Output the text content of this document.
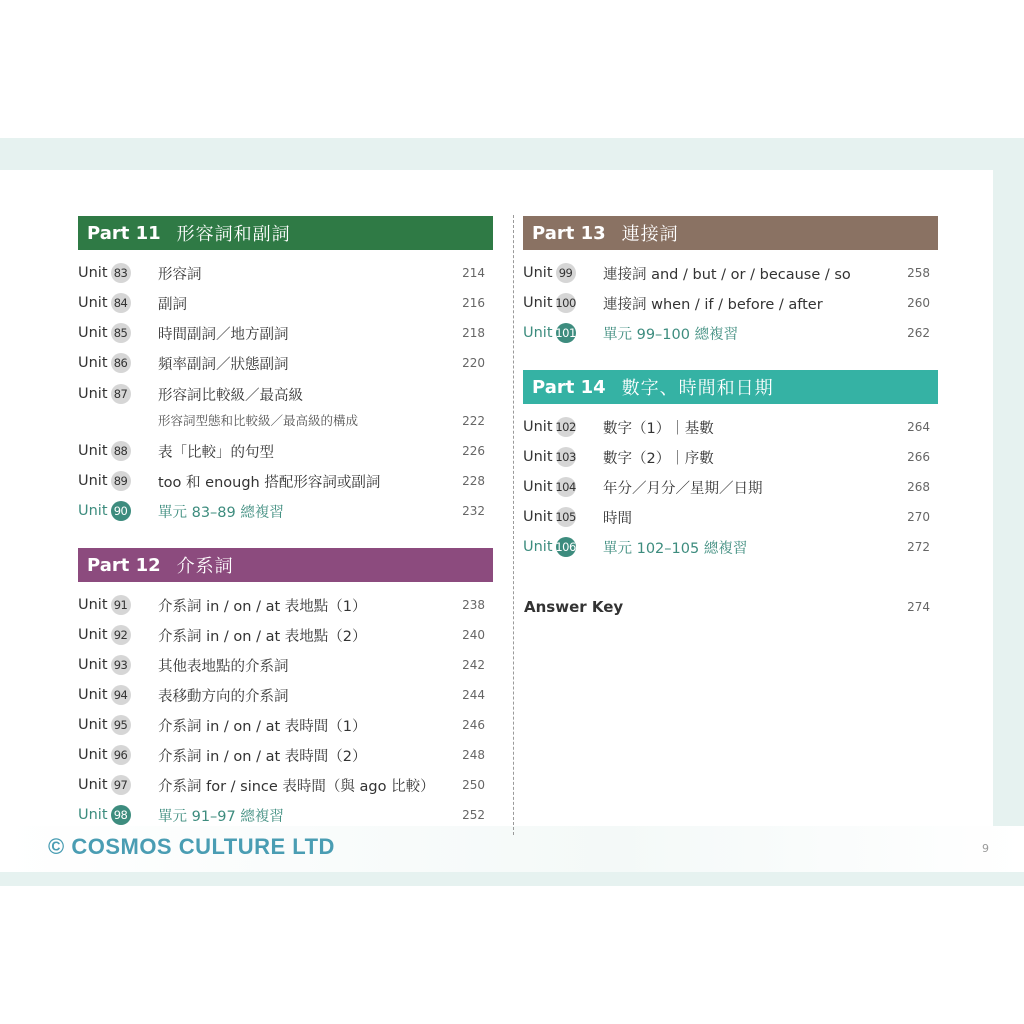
Part 11 形容詞和副詞
Unit 83 形容詞	214
Unit 84 副詞	216
Unit 85 時間副詞／地方副詞	218
Unit 86 頻率副詞／狀態副詞	220
Unit 87 形容詞比較級／最高級
形容詞型態和比較級／最高級的構成	222
Unit 88 表「比較」的句型	226
Unit 89 too 和 enough 搭配形容詞或副詞	228
Unit 90 單元 83–89 總複習	232
Part 12 介系詞
Unit 91 介系詞 in / on / at 表地點（1）	238
Unit 92 介系詞 in / on / at 表地點（2）	240
Unit 93 其他表地點的介系詞	242
Unit 94 表移動方向的介系詞	244
Unit 95 介系詞 in / on / at 表時間（1）	246
Unit 96 介系詞 in / on / at 表時間（2）	248
Unit 97 介系詞 for / since 表時間（與 ago 比較）	250
Unit 98 單元 91–97 總複習	252
Part 13 連接詞
Unit 99 連接詞 and / but / or / because / so	258
Unit 100 連接詞 when / if / before / after	260
Unit 101 單元 99–100 總複習	262
Part 14 數字、時間和日期
Unit 102 數字（1）｜基數	264
Unit 103 數字（2）｜序數	266
Unit 104 年分／月分／星期／日期	268
Unit 105 時間	270
Unit 106 單元 102–105 總複習	272
Answer Key	274
© COSMOS CULTURE LTD	9
